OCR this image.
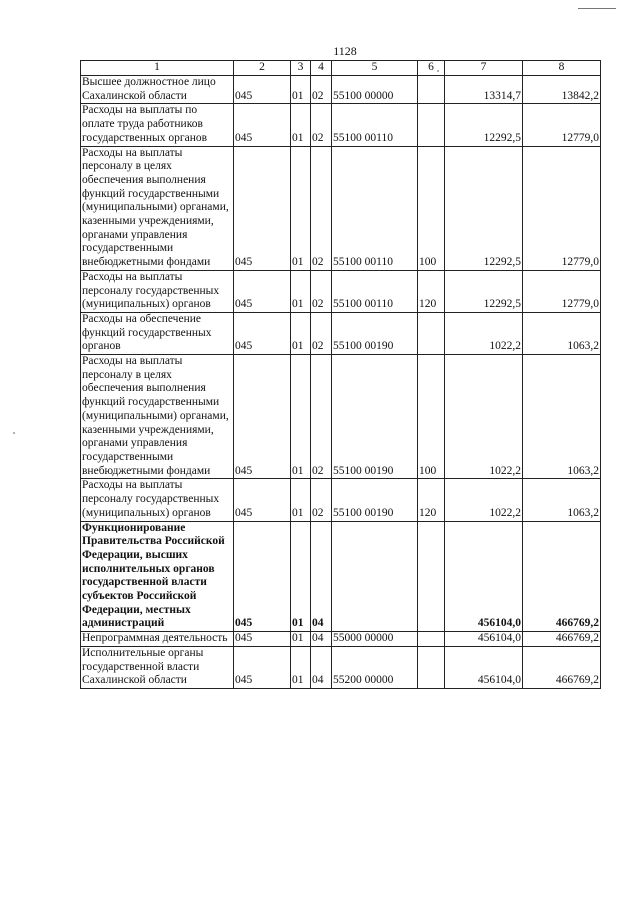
1128
1	2	3	4	5	6	7	8
Высшее должностное лицо Сахалинской области	045	01	02	55100 00000		13314,7	13842,2
Расходы на выплаты по оплате труда работников государственных органов	045	01	02	55100 00110		12292,5	12779,0
Расходы на выплаты персоналу в целях обеспечения выполнения функций государственными (муниципальными) органами, казенными учреждениями, органами управления государственными внебюджетными фондами	045	01	02	55100 00110	100	12292,5	12779,0
Расходы на выплаты персоналу государственных (муниципальных) органов	045	01	02	55100 00110	120	12292,5	12779,0
Расходы на обеспечение функций государственных органов	045	01	02	55100 00190		1022,2	1063,2
Расходы на выплаты персоналу в целях обеспечения выполнения функций государственными (муниципальными) органами, казенными учреждениями, органами управления государственными внебюджетными фондами	045	01	02	55100 00190	100	1022,2	1063,2
Расходы на выплаты персоналу государственных (муниципальных) органов	045	01	02	55100 00190	120	1022,2	1063,2
Функционирование Правительства Российской Федерации, высших исполнительных органов государственной власти субъектов Российской Федерации, местных администраций	045	01	04			456104,0	466769,2
Непрограммная деятельность	045	01	04	55000 00000		456104,0	466769,2
Исполнительные органы государственной власти Сахалинской области	045	01	04	55200 00000		456104,0	466769,2
